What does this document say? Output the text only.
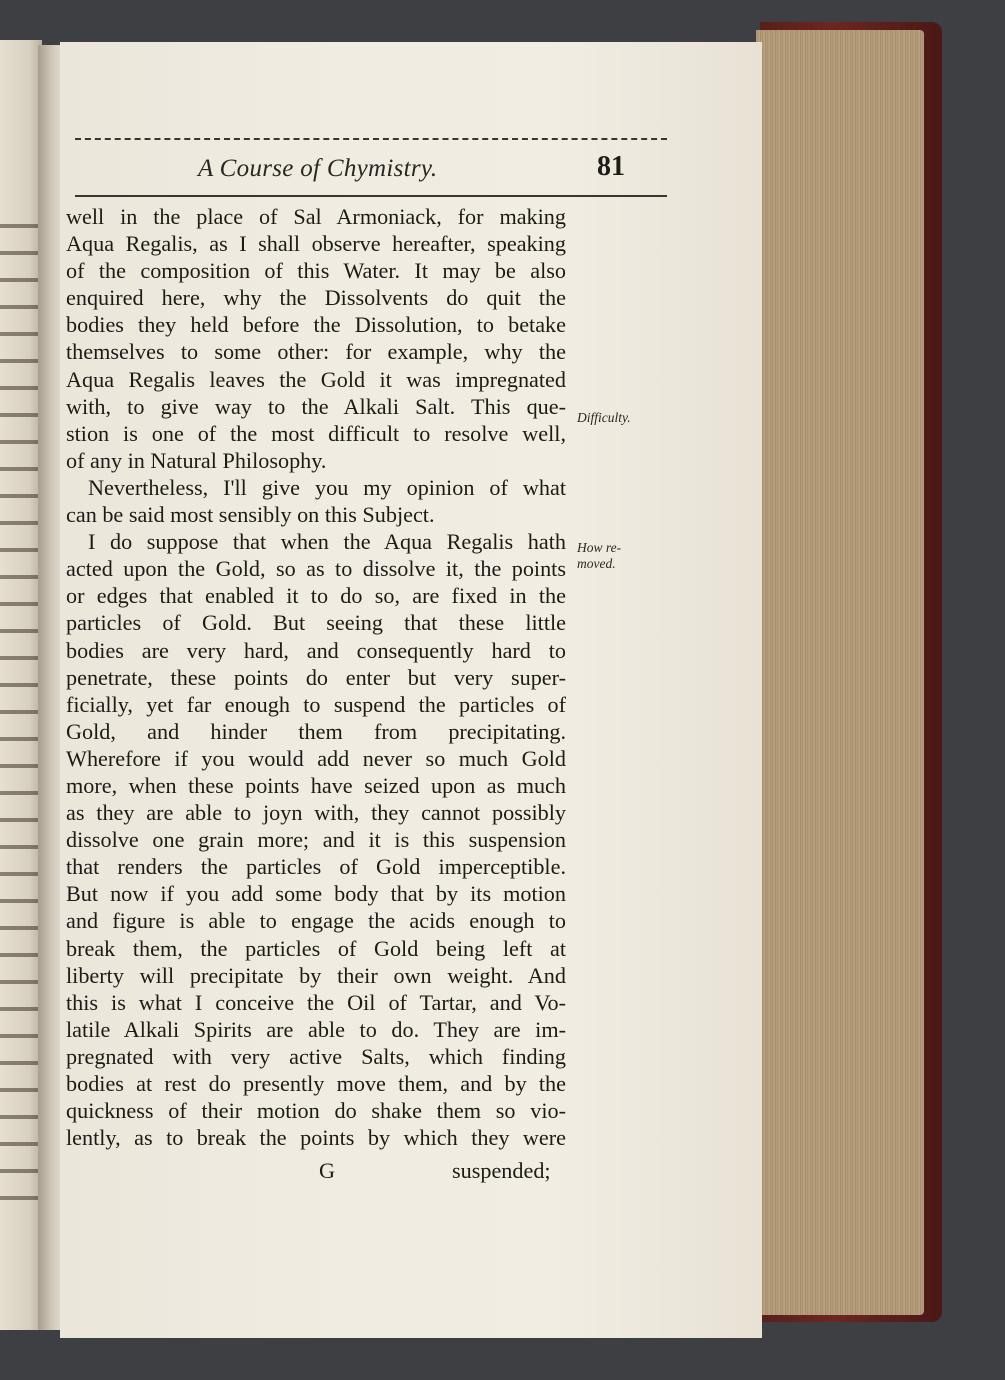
A Course of Chymistry.	81
well in the place of Sal Armoniack, for making
Aqua Regalis, as I shall observe hereafter, speaking
of the composition of this Water. It may be also
enquired here, why the Dissolvents do quit the
bodies they held before the Dissolution, to betake
themselves to some other: for example, why the
Aqua Regalis leaves the Gold it was impregnated
with, to give way to the Alkali Salt. This que-
stion is one of the most difficult to resolve well,
of any in Natural Philosophy.
Nevertheless, I'll give you my opinion of what
can be said most sensibly on this Subject.
I do suppose that when the Aqua Regalis hath
acted upon the Gold, so as to dissolve it, the points
or edges that enabled it to do so, are fixed in the
particles of Gold. But seeing that these little
bodies are very hard, and consequently hard to
penetrate, these points do enter but very super-
ficially, yet far enough to suspend the particles of
Gold, and hinder them from precipitating.
Wherefore if you would add never so much Gold
more, when these points have seized upon as much
as they are able to joyn with, they cannot possibly
dissolve one grain more; and it is this suspension
that renders the particles of Gold imperceptible.
But now if you add some body that by its motion
and figure is able to engage the acids enough to
break them, the particles of Gold being left at
liberty will precipitate by their own weight. And
this is what I conceive the Oil of Tartar, and Vo-
latile Alkali Spirits are able to do. They are im-
pregnated with very active Salts, which finding
bodies at rest do presently move them, and by the
quickness of their motion do shake them so vio-
lently, as to break the points by which they were
G	suspended;
Difficulty.
How re-
moved.
